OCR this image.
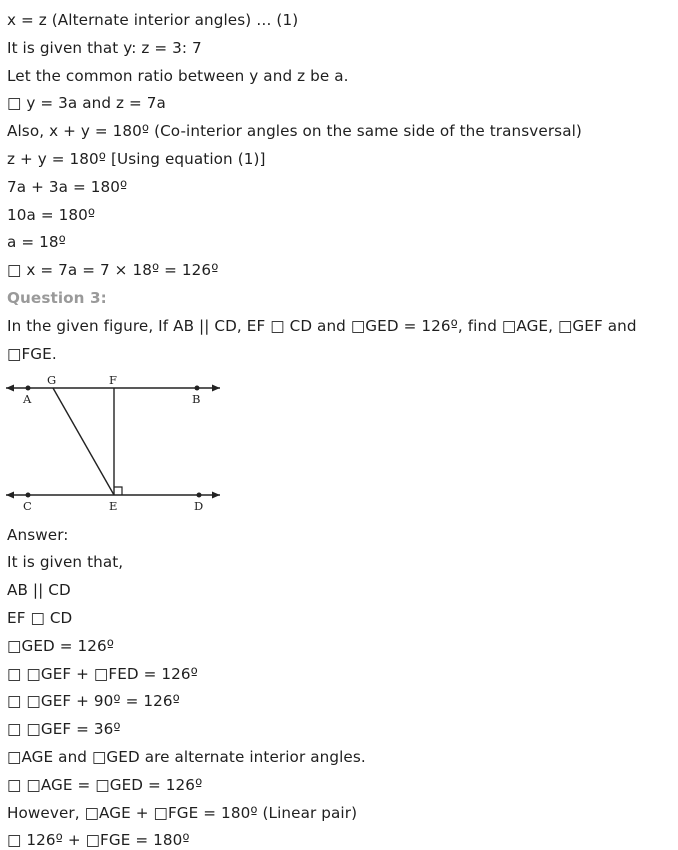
x = z (Alternate interior angles) … (1)
It is given that y: z = 3: 7
Let the common ratio between y and z be a.
□ y = 3a and z = 7a
Also, x + y = 180º (Co-interior angles on the same side of the transversal)
z + y = 180º [Using equation (1)]
7a + 3a = 180º
10a = 180º
a = 18º
□ x = 7a = 7 × 18º = 126º
Question 3:
In the given figure, If AB || CD, EF □ CD and □GED = 126º, find □AGE, □GEF and
□FGE.
A	B
C	D
E
F
G
Answer:
It is given that,
AB || CD
EF □ CD
□GED = 126º
□ □GEF + □FED = 126º
□ □GEF + 90º = 126º
□ □GEF = 36º
□AGE and □GED are alternate interior angles.
□ □AGE = □GED = 126º
However, □AGE + □FGE = 180º (Linear pair)
□ 126º + □FGE = 180º
